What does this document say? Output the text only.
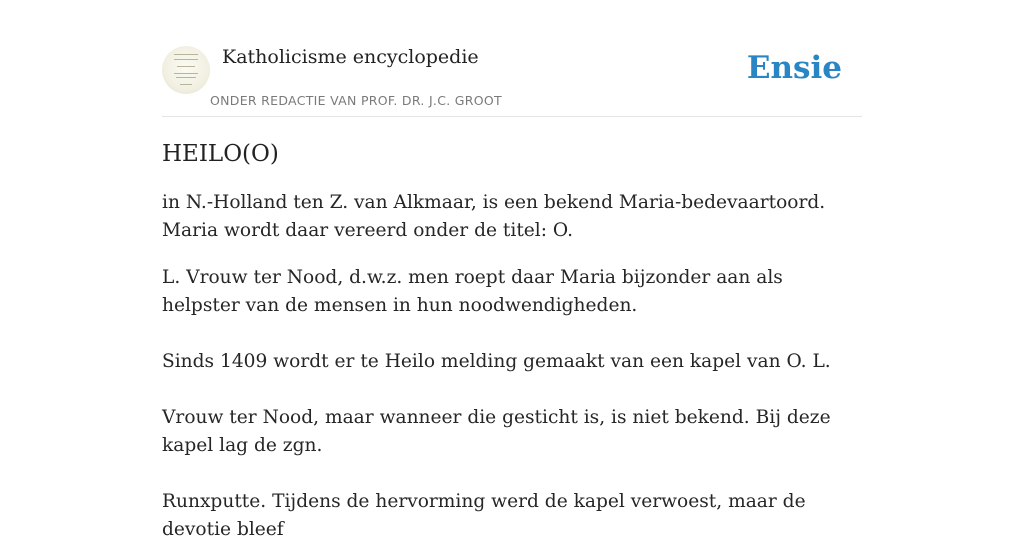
Katholicisme encyclopedie
ONDER REDACTIE VAN PROF. DR. J.C. GROOT
Ensie
HEILO(O)

in N.-Holland ten Z. van Alkmaar, is een bekend Maria-bedevaartoord. Maria wordt daar vereerd onder de titel: O.

L. Vrouw ter Nood, d.w.z. men roept daar Maria bijzonder aan als helpster van de mensen in hun noodwendigheden.

Sinds 1409 wordt er te Heilo melding gemaakt van een kapel van O. L.

Vrouw ter Nood, maar wanneer die gesticht is, is niet bekend. Bij deze kapel lag de zgn.

Runxputte. Tijdens de hervorming werd de kapel verwoest, maar de devotie bleef
